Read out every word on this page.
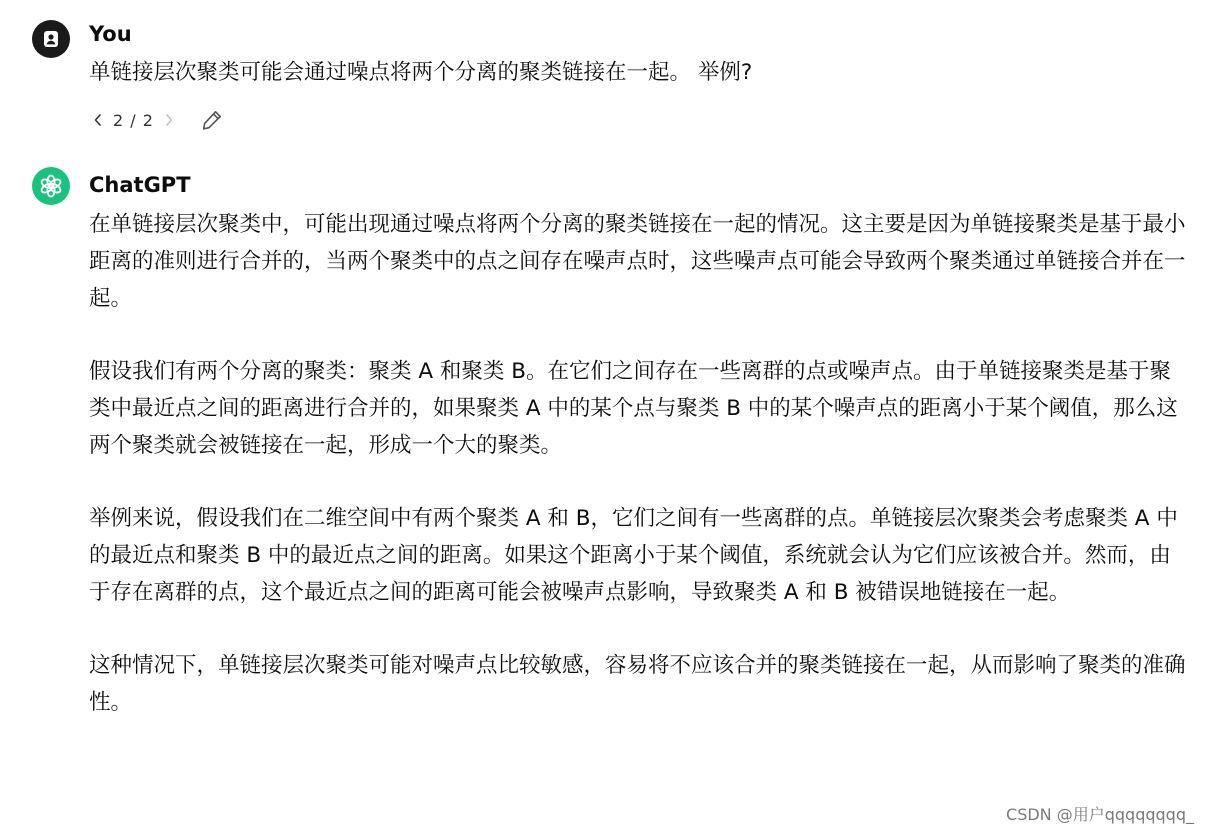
You
单链接层次聚类可能会通过噪点将两个分离的聚类链接在一起。 举例?
2 / 2
ChatGPT

在单链接层次聚类中，可能出现通过噪点将两个分离的聚类链接在一起的情况。这主要是因为单链接聚类是基于最小距离的准则进行合并的，当两个聚类中的点之间存在噪声点时，这些噪声点可能会导致两个聚类通过单链接合并在一起。

假设我们有两个分离的聚类：聚类 A 和聚类 B。在它们之间存在一些离群的点或噪声点。由于单链接聚类是基于聚类中最近点之间的距离进行合并的，如果聚类 A 中的某个点与聚类 B 中的某个噪声点的距离小于某个阈值，那么这两个聚类就会被链接在一起，形成一个大的聚类。

举例来说，假设我们在二维空间中有两个聚类 A 和 B，它们之间有一些离群的点。单链接层次聚类会考虑聚类 A 中的最近点和聚类 B 中的最近点之间的距离。如果这个距离小于某个阈值，系统就会认为它们应该被合并。然而，由于存在离群的点，这个最近点之间的距离可能会被噪声点影响，导致聚类 A 和 B 被错误地链接在一起。

这种情况下，单链接层次聚类可能对噪声点比较敏感，容易将不应该合并的聚类链接在一起，从而影响了聚类的准确性。

CSDN @用户qqqqqqqq_
